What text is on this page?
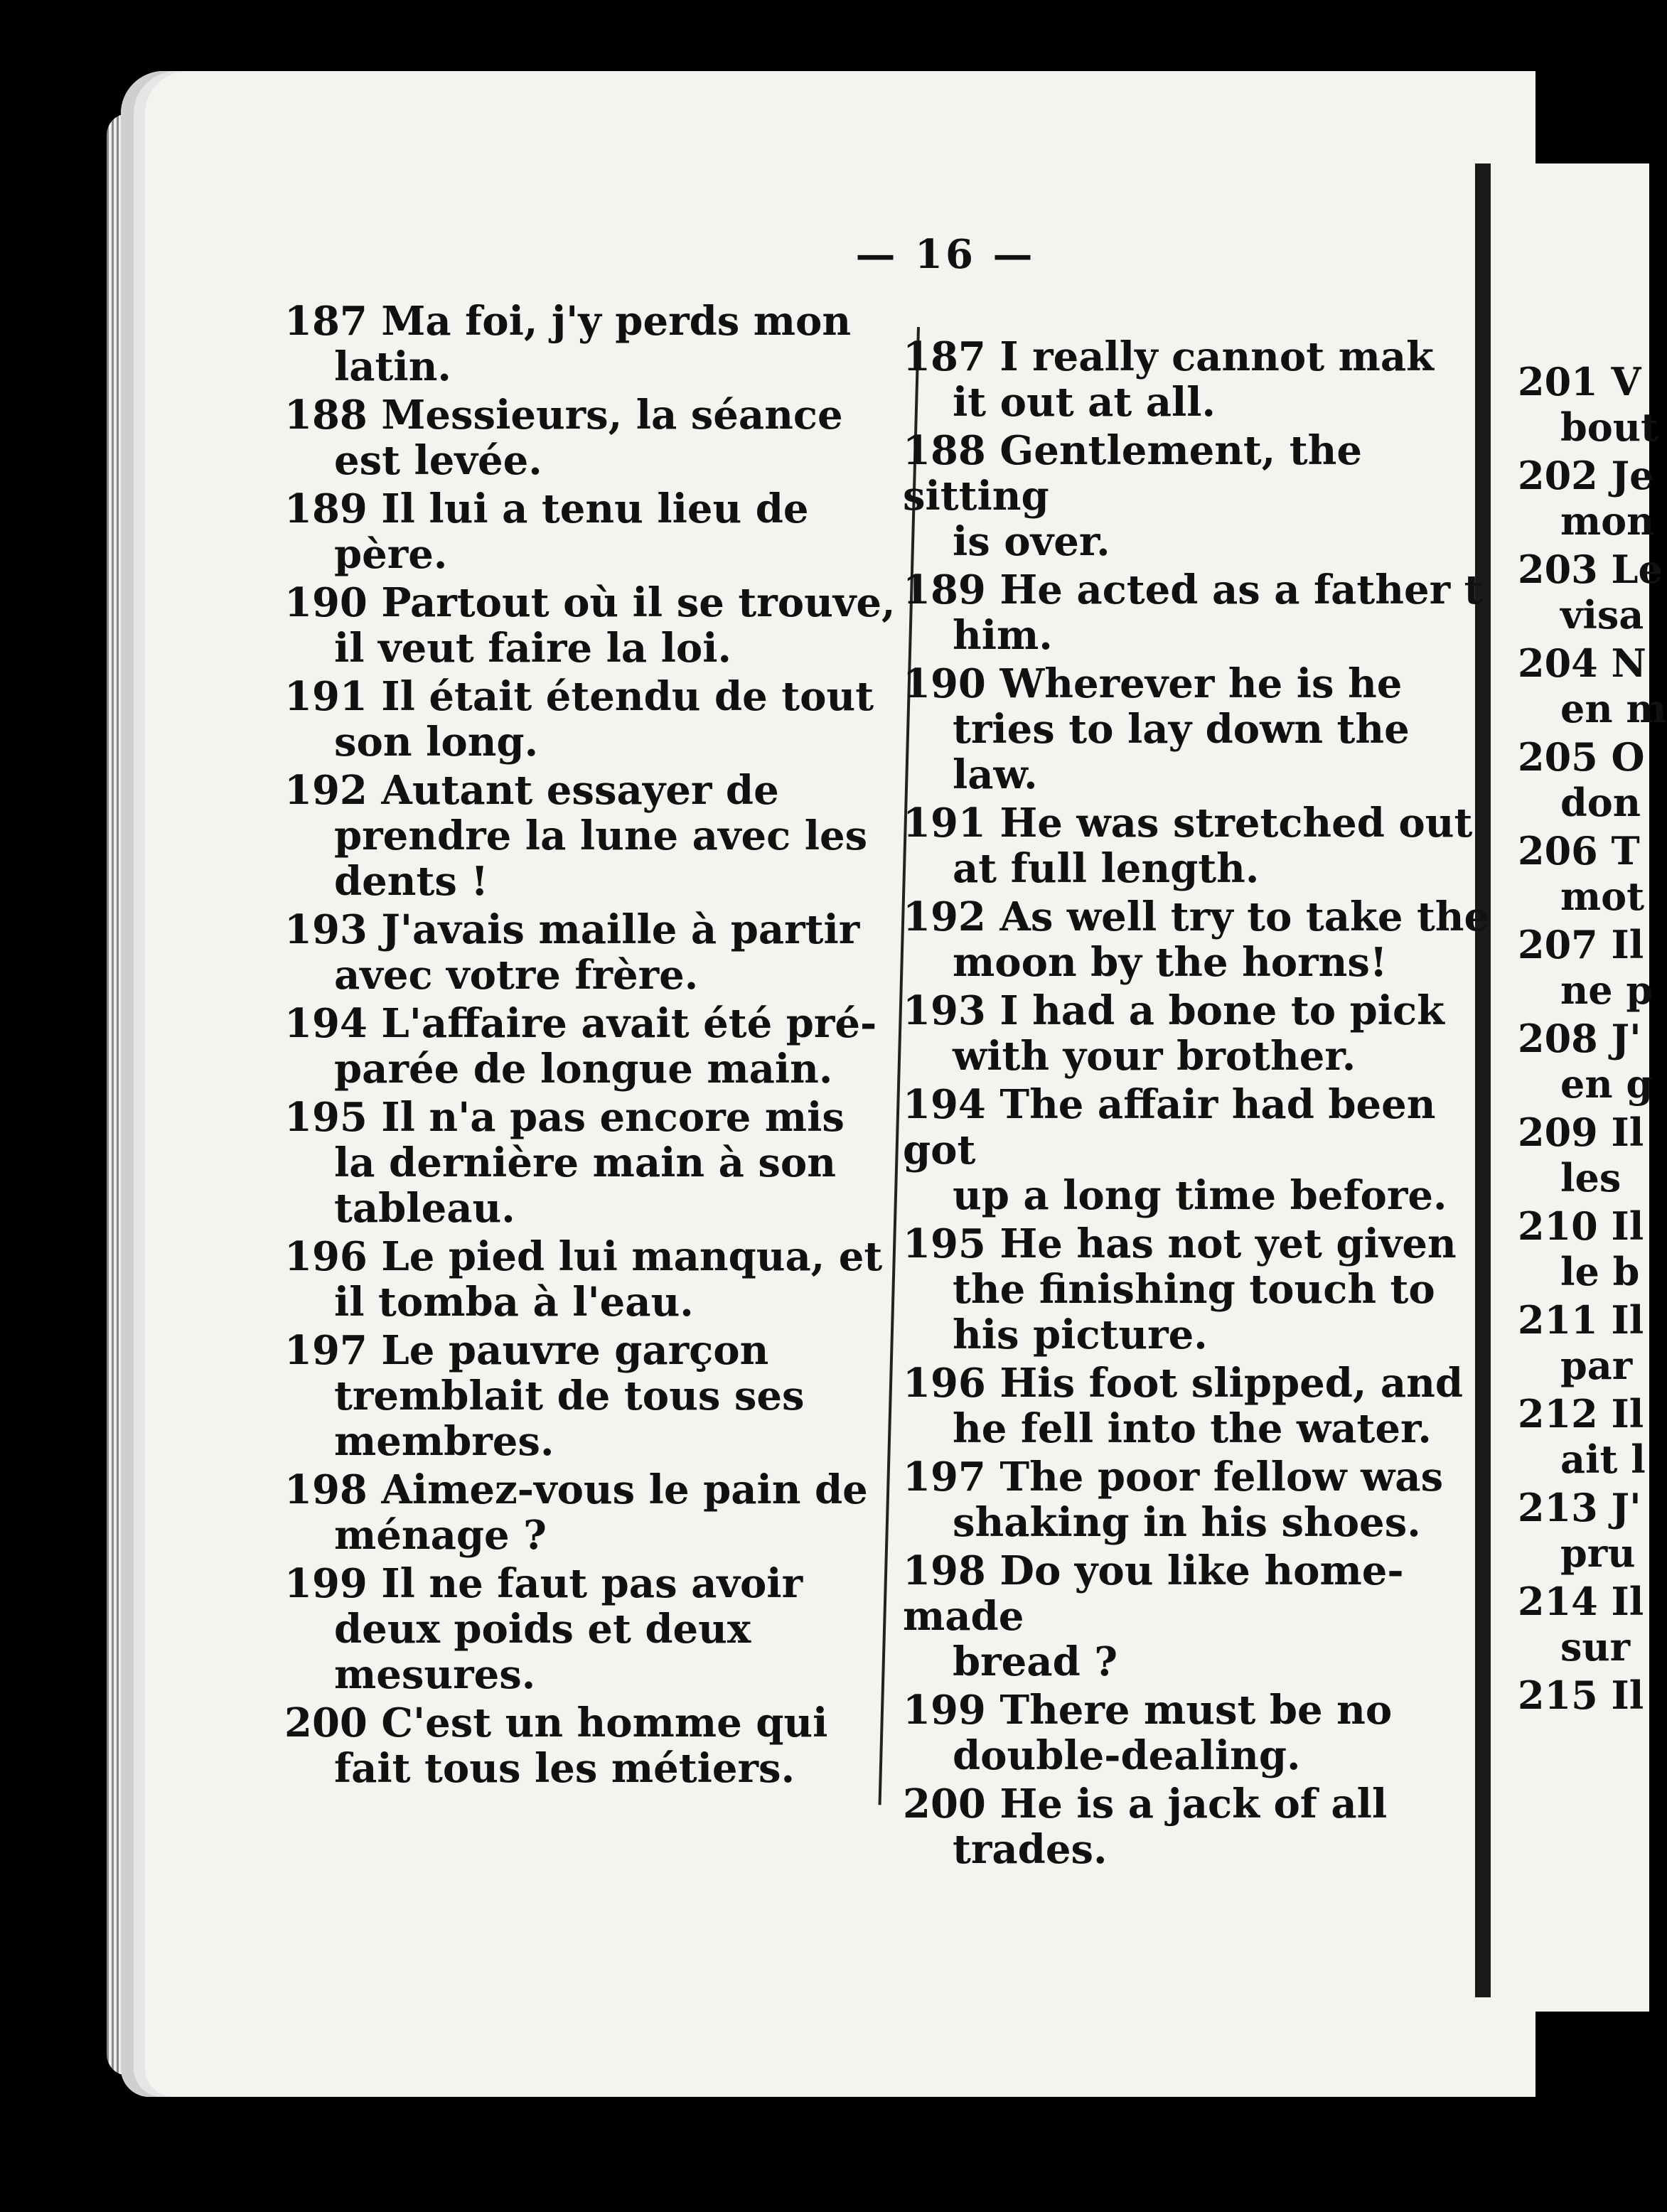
— 16 —
187 Ma foi, j'y perds mon
latin.
188 Messieurs, la séance
est levée.
189 Il lui a tenu lieu de
père.
190 Partout où il se trouve,
il veut faire la loi.
191 Il était étendu de tout
son long.
192 Autant essayer de
prendre la lune avec les dents !
193 J'avais maille à partir
avec votre frère.
194 L'affaire avait été pré-
parée de longue main.
195 Il n'a pas encore mis
la dernière main à son tableau.
196 Le pied lui manqua, et
il tomba à l'eau.
197 Le pauvre garçon
tremblait de tous ses membres.
198 Aimez-vous le pain de
ménage ?
199 Il ne faut pas avoir
deux poids et deux mesures.
200 C'est un homme qui
fait tous les métiers.
187 I really cannot mak
it out at all.
188 Gentlement, the sitting
is over.
189 He acted as a father t
him.
190 Wherever he is he
tries to lay down the law.
191 He was stretched out
at full length.
192 As well try to take the
moon by the horns!
193 I had a bone to pick
with your brother.
194 The affair had been got
up a long time before.
195 He has not yet given
the finishing touch to his picture.
196 His foot slipped, and
he fell into the water.
197 The poor fellow was
shaking in his shoes.
198 Do you like home-made
bread ?
199 There must be no
double-dealing.
200 He is a jack of all
trades.
201 V
bout
202 Je
mon
203 Le
visa
204 N
en m
205 O
don
206 T
mot
207 Il
ne p
208 J'
en g
209 Il
les
210 Il
le b
211 Il
par
212 Il
ait l
213 J'
pru
214 Il
sur
215 Il
